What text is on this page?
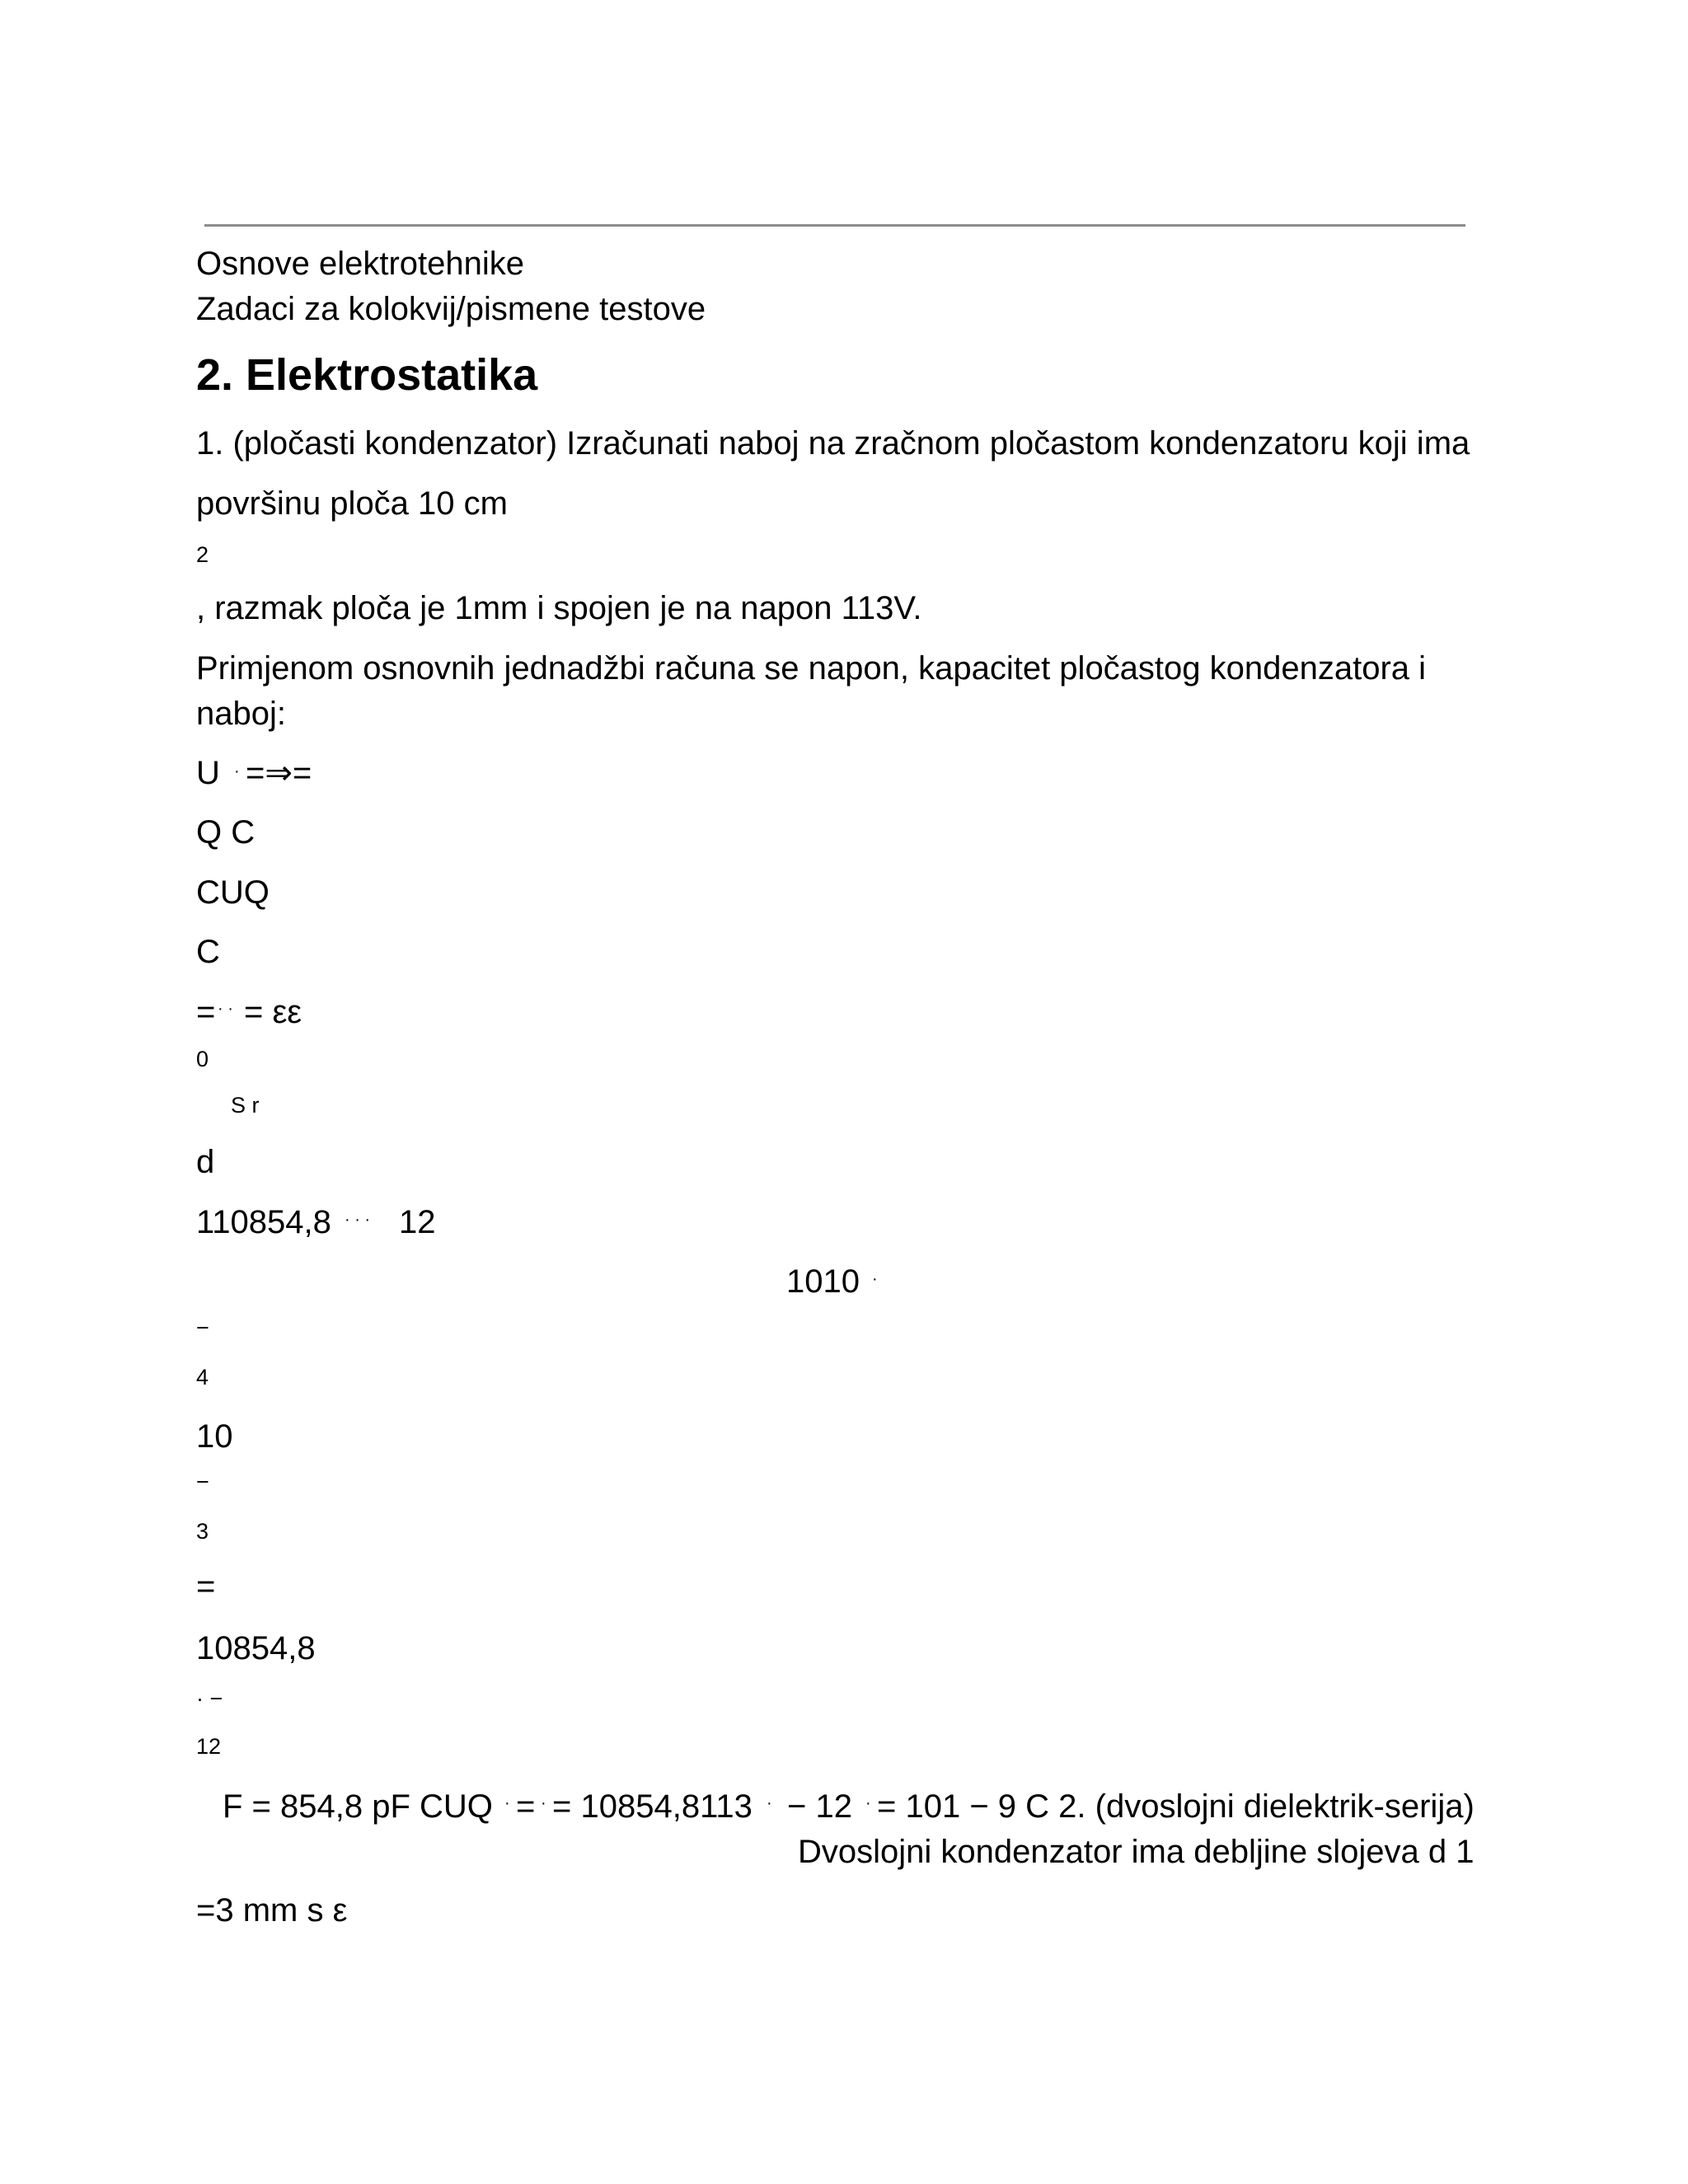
Osnove elektrotehnike
Zadaci za kolokvij/pismene testove
2. Elektrostatika
1. (pločasti kondenzator) Izračunati naboj na zračnom pločastom kondenzatoru koji ima
površinu ploča 10 cm
2
, razmak ploča je 1mm i spojen je na napon 113V.
Primjenom osnovnih jednadžbi računa se napon, kapacitet pločastog kondenzatora i
naboj:
U · =⇒=
Q C
CUQ
C
= · · = εε
0
S r
d
110854,8 · · · 12
1010 ·
−
4
10
−
3
=
10854,8
· −
12
F = 854,8 pF CUQ · = · = 10854,8113 · − 12 · = 101 − 9 C 2. (dvoslojni dielektrik-serija)
Dvoslojni kondenzator ima debljine slojeva d 1
=3 mm s ε
